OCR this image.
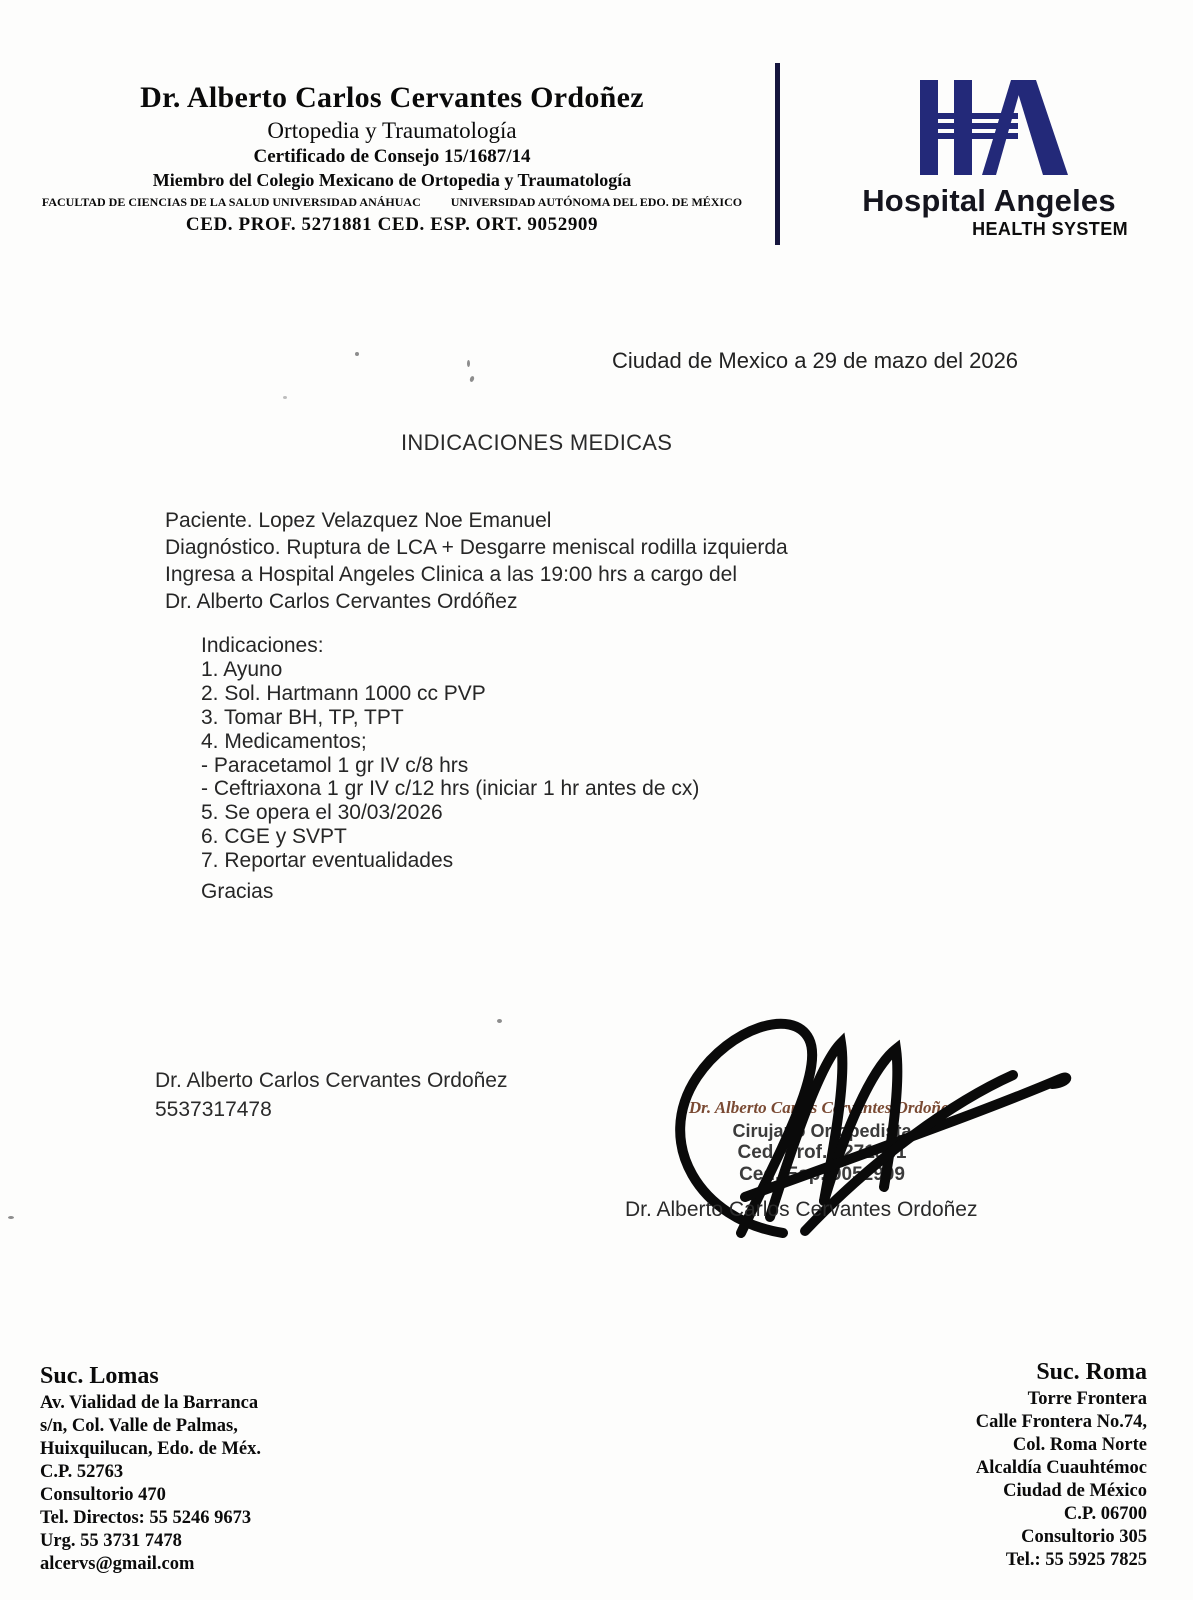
Dr. Alberto Carlos Cervantes Ordoñez
Ortopedia y Traumatología
Certificado de Consejo 15/1687/14
Miembro del Colegio Mexicano de Ortopedia y Traumatología
FACULTAD DE CIENCIAS DE LA SALUD UNIVERSIDAD ANÁHUAC	UNIVERSIDAD AUTÓNOMA DEL EDO. DE MÉXICO
CED. PROF. 5271881 CED. ESP. ORT. 9052909
Hospital Angeles
HEALTH SYSTEM
Ciudad de Mexico a 29 de mazo del 2026
INDICACIONES MEDICAS
Paciente. Lopez Velazquez Noe Emanuel
Diagnóstico. Ruptura de LCA + Desgarre meniscal rodilla izquierda
Ingresa a Hospital Angeles Clinica a las 19:00 hrs a cargo del
Dr. Alberto Carlos Cervantes Ordóñez
Indicaciones:
1. Ayuno
2. Sol. Hartmann 1000 cc PVP
3. Tomar BH, TP, TPT
4. Medicamentos;
- Paracetamol 1 gr IV c/8 hrs
- Ceftriaxona 1 gr IV c/12 hrs (iniciar 1 hr antes de cx)
5. Se opera el 30/03/2026
6. CGE y SVPT
7. Reportar eventualidades
Gracias
Dr. Alberto Carlos Cervantes Ordoñez
5537317478	Dr. Alberto Carlos Cervantes Ordoñez
Cirujano Ortopedista
Ced. Prof. 5271881
Ced. Esp. 9052909
Dr. Alberto Carlos Cervantes Ordoñez
Suc. Lomas
Av. Vialidad de la Barranca
s/n, Col. Valle de Palmas,
Huixquilucan, Edo. de Méx.
C.P. 52763
Consultorio 470
Tel. Directos: 55 5246 9673
Urg. 55 3731 7478
alcervs@gmail.com
Suc. Roma
Torre Frontera
Calle Frontera No.74,
Col. Roma Norte
Alcaldía Cuauhtémoc
Ciudad de México
C.P. 06700
Consultorio 305
Tel.: 55 5925 7825
